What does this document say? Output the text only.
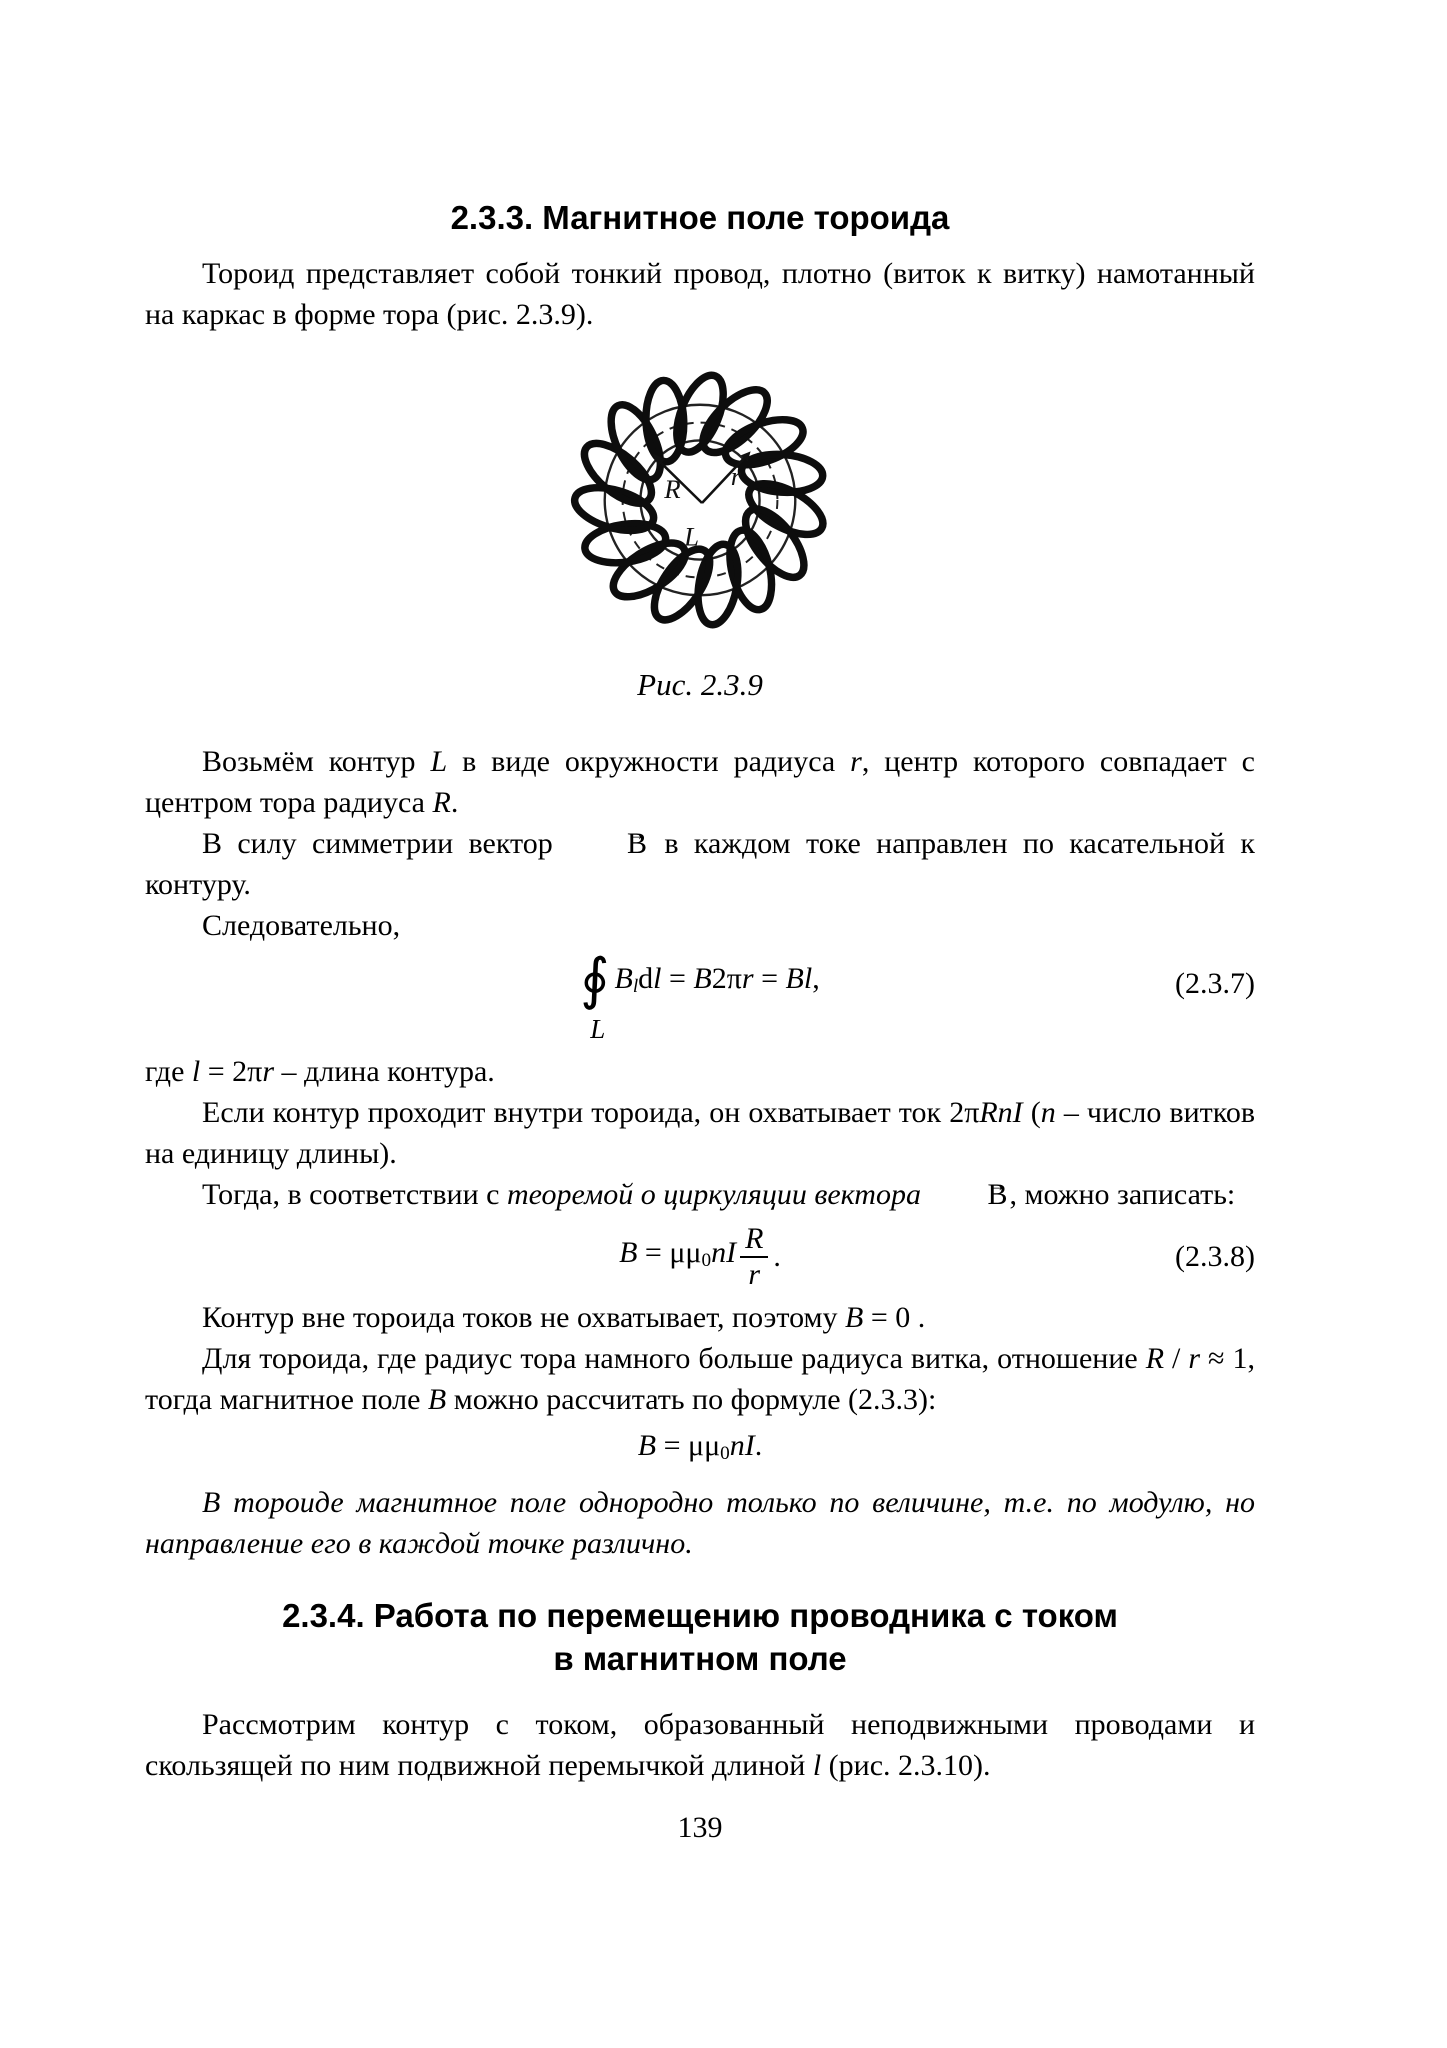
2.3.3. Магнитное поле тороида

Тороид представляет собой тонкий провод, плотно (виток к витку) намотанный на каркас в форме тора (рис. 2.3.9).

R r
L
Рис. 2.3.9

Возьмём контур L в виде окружности радиуса r, центр которого совпадает с центром тора радиуса R.

В силу симметрии вектор B → в каждом токе направлен по касательной к контуру.

Следовательно,

∮
L
Bldl = B2πr = Bl,	(2.3.7)

где l = 2πr – длина контура.

Если контур проходит внутри тороида, он охватывает ток 2πRnI (n – число витков на единицу длины).

Тогда, в соответствии с теоремой о циркуляции вектора B →, можно записать:

$B = \mu\mu 0nI \frac{R}{r}$ .	(2.3.8)

Контур вне тороида токов не охватывает, поэтому B = 0 .

Для тороида, где радиус тора намного больше радиуса витка, отношение R / r ≈ 1, тогда магнитное поле B можно рассчитать по формуле (2.3.3):

B = μμ0nI.

В тороиде магнитное поле однородно только по величине, т.е. по модулю, но направление его в каждой точке различно.

2.3.4. Работа по перемещению проводника с током
в магнитном поле

Рассмотрим контур с током, образованный неподвижными проводами и скользящей по ним подвижной перемычкой длиной l (рис. 2.3.10).

139
